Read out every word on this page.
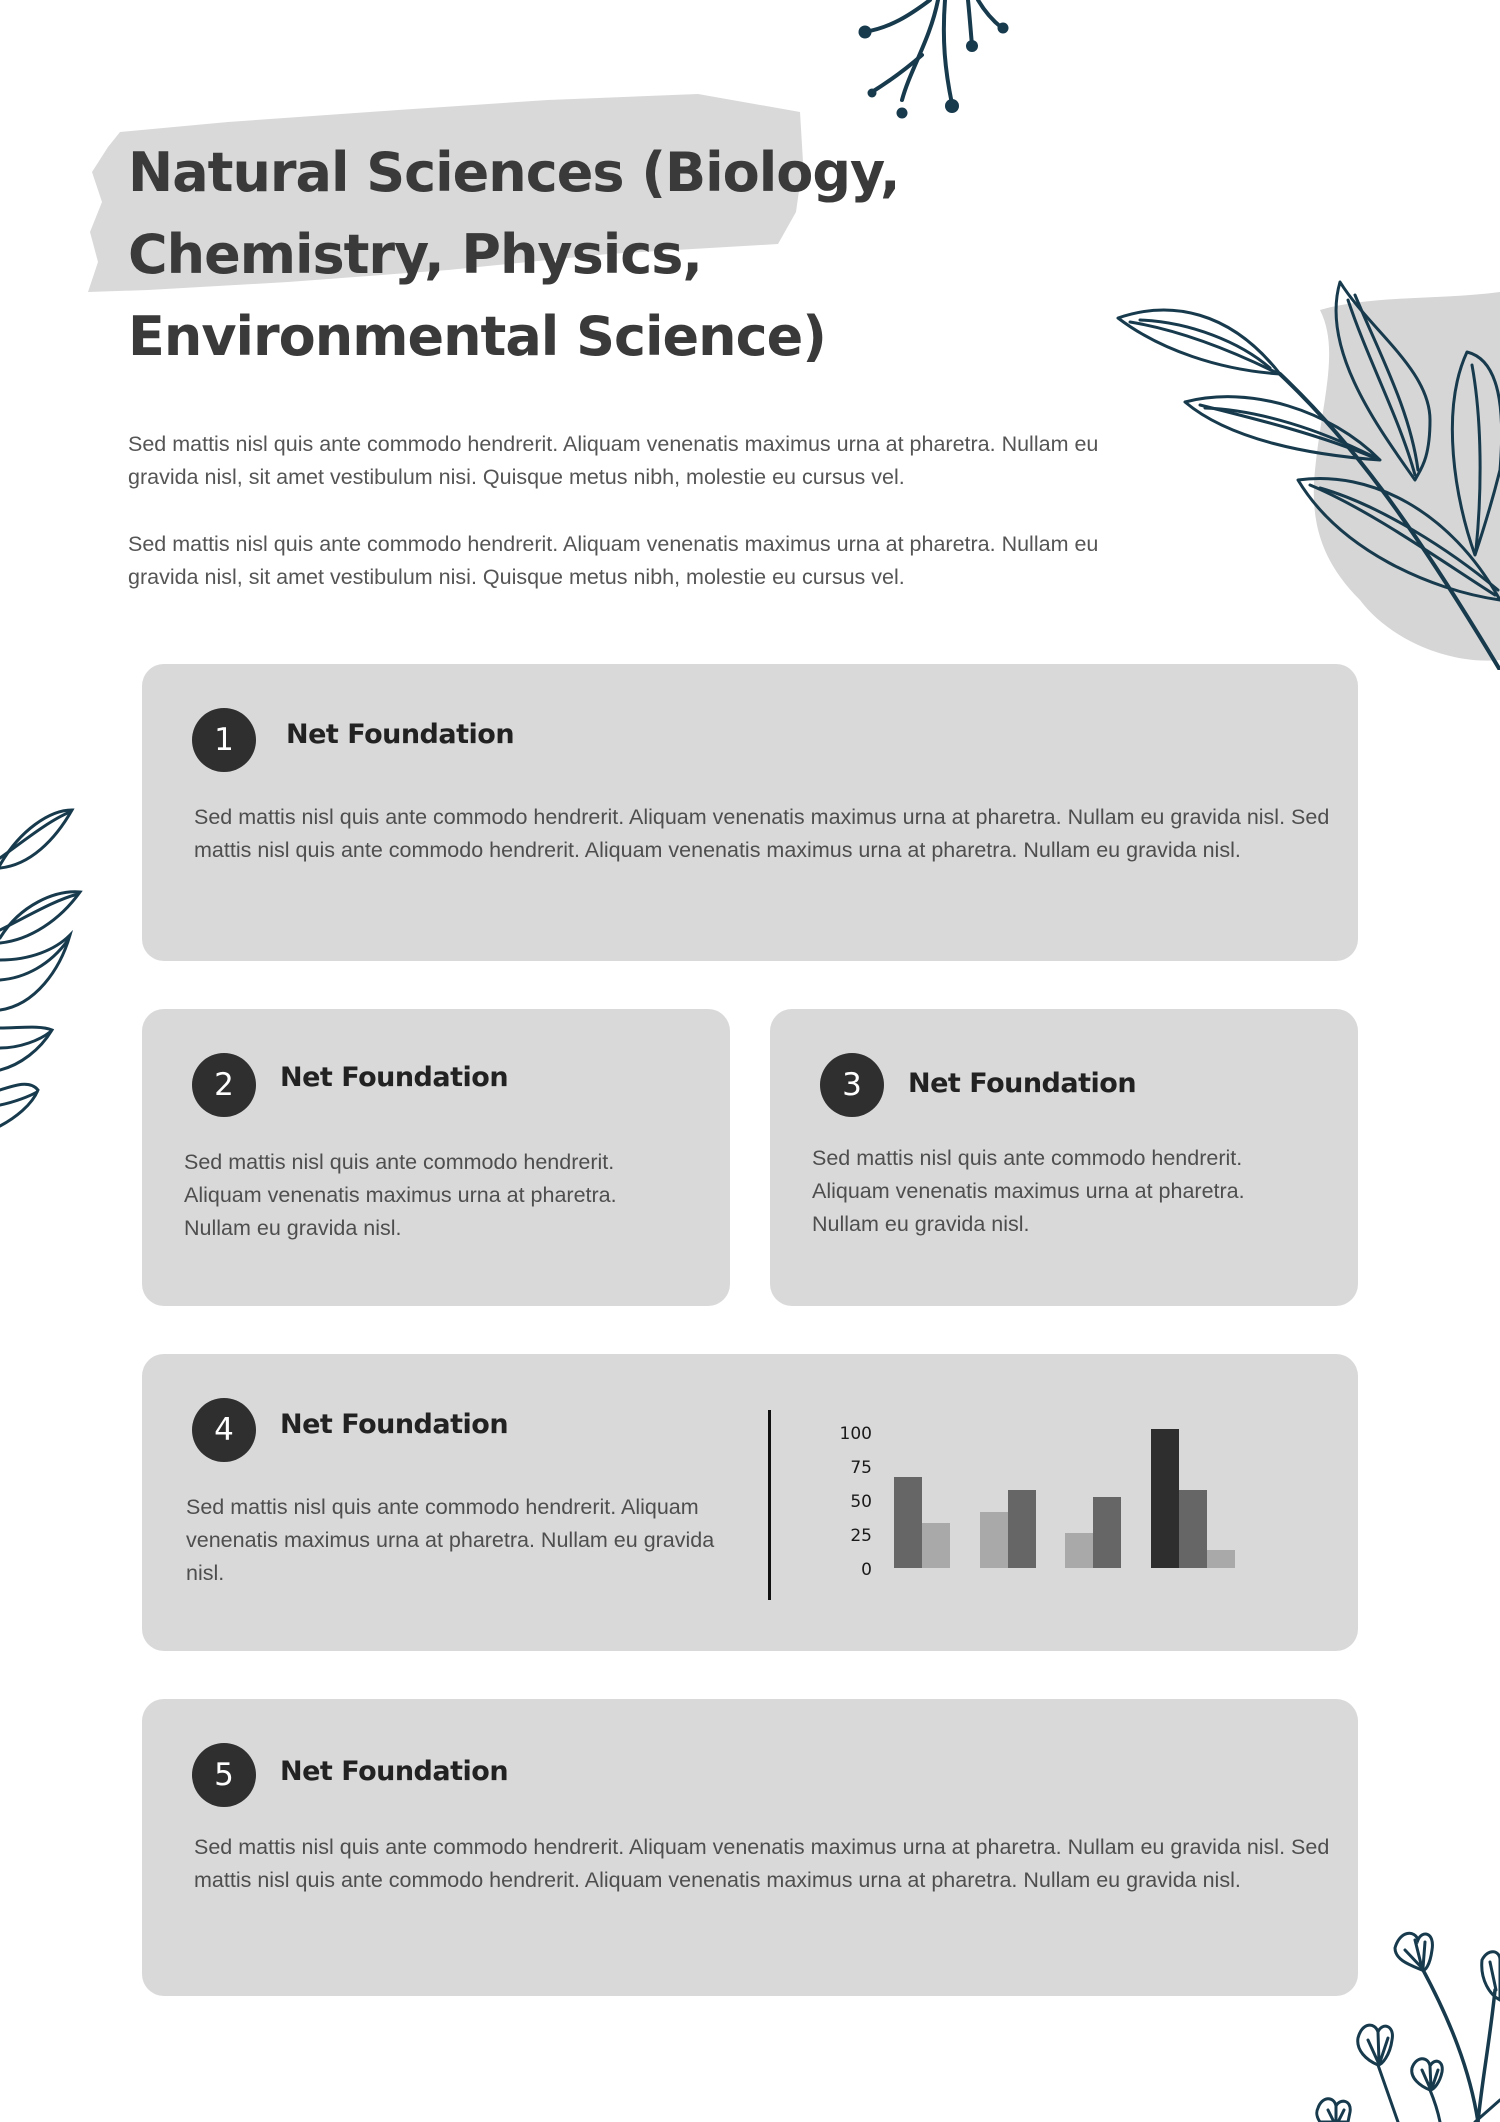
Natural Sciences (Biology,
Chemistry, Physics,
Environmental Science)

Sed mattis nisl quis ante commodo hendrerit. Aliquam venenatis maximus urna at pharetra. Nullam eu gravida nisl, sit amet vestibulum nisi. Quisque metus nibh, molestie eu cursus vel.

Sed mattis nisl quis ante commodo hendrerit. Aliquam venenatis maximus urna at pharetra. Nullam eu gravida nisl, sit amet vestibulum nisi. Quisque metus nibh, molestie eu cursus vel.

1	Net Foundation

Sed mattis nisl quis ante commodo hendrerit. Aliquam venenatis maximus urna at pharetra. Nullam eu gravida nisl. Sed mattis nisl quis ante commodo hendrerit. Aliquam venenatis maximus urna at pharetra. Nullam eu gravida nisl.

2	Net Foundation

Sed mattis nisl quis ante commodo hendrerit. Aliquam venenatis maximus urna at pharetra. Nullam eu gravida nisl.

3	Net Foundation

Sed mattis nisl quis ante commodo hendrerit. Aliquam venenatis maximus urna at pharetra. Nullam eu gravida nisl.

4	Net Foundation

Sed mattis nisl quis ante commodo hendrerit. Aliquam venenatis maximus urna at pharetra. Nullam eu gravida nisl.

100
75
50
25
0
5	Net Foundation

Sed mattis nisl quis ante commodo hendrerit. Aliquam venenatis maximus urna at pharetra. Nullam eu gravida nisl. Sed mattis nisl quis ante commodo hendrerit. Aliquam venenatis maximus urna at pharetra. Nullam eu gravida nisl.
